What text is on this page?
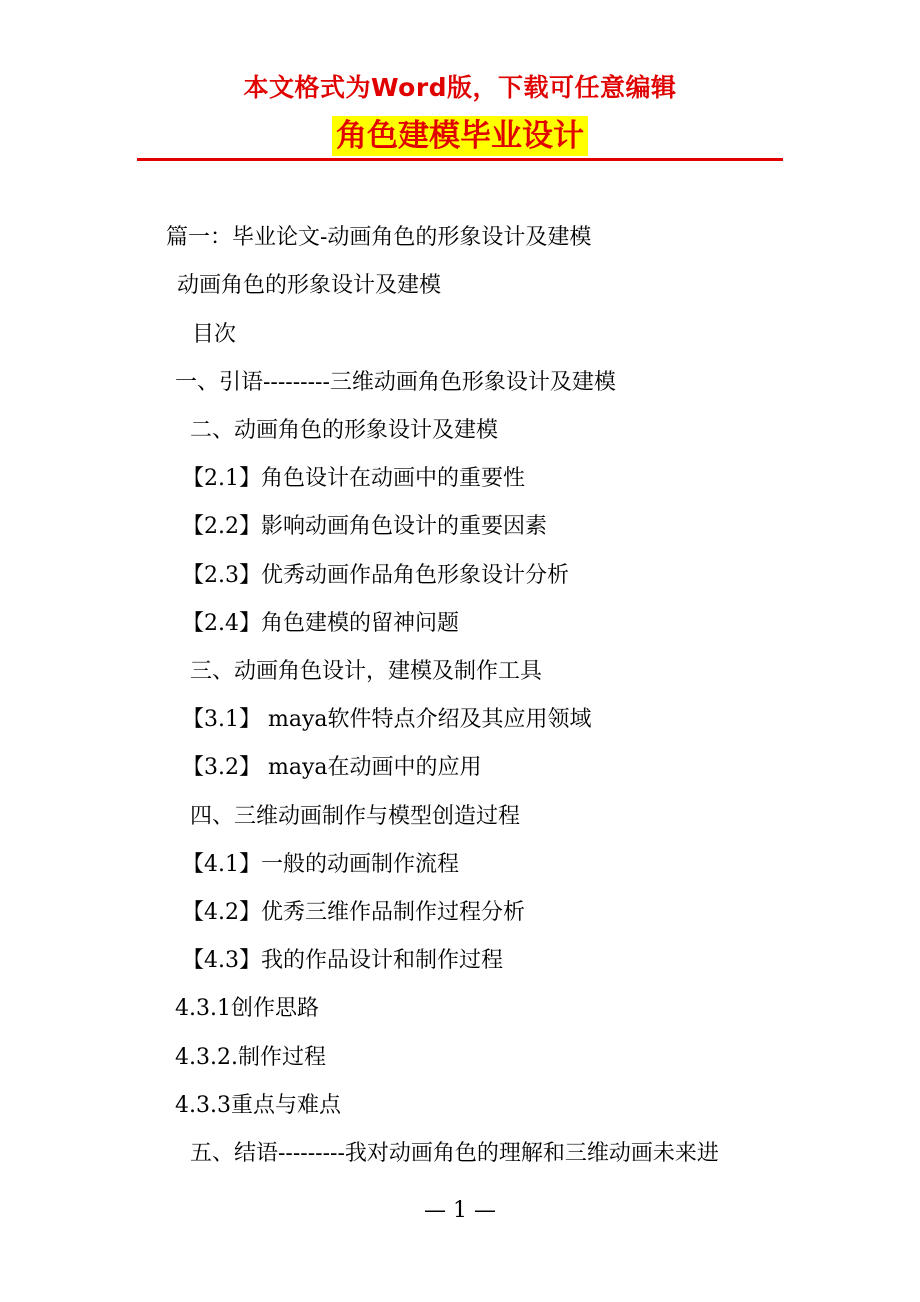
本文格式为Word版，下载可任意编辑
角色建模毕业设计
篇一：毕业论文-动画角色的形象设计及建模
动画角色的形象设计及建模
目次
一、引语---------三维动画角色形象设计及建模
二、动画角色的形象设计及建模
【2.1】角色设计在动画中的重要性
【2.2】影响动画角色设计的重要因素
【2.3】优秀动画作品角色形象设计分析
【2.4】角色建模的留神问题
三、动画角色设计，建模及制作工具
【3.1】 maya软件特点介绍及其应用领域
【3.2】 maya在动画中的应用
四、三维动画制作与模型创造过程
【4.1】一般的动画制作流程
【4.2】优秀三维作品制作过程分析
【4.3】我的作品设计和制作过程
4.3.1创作思路
4.3.2.制作过程
4.3.3重点与难点
五、结语---------我对动画角色的理解和三维动画未来进
— 1 —
